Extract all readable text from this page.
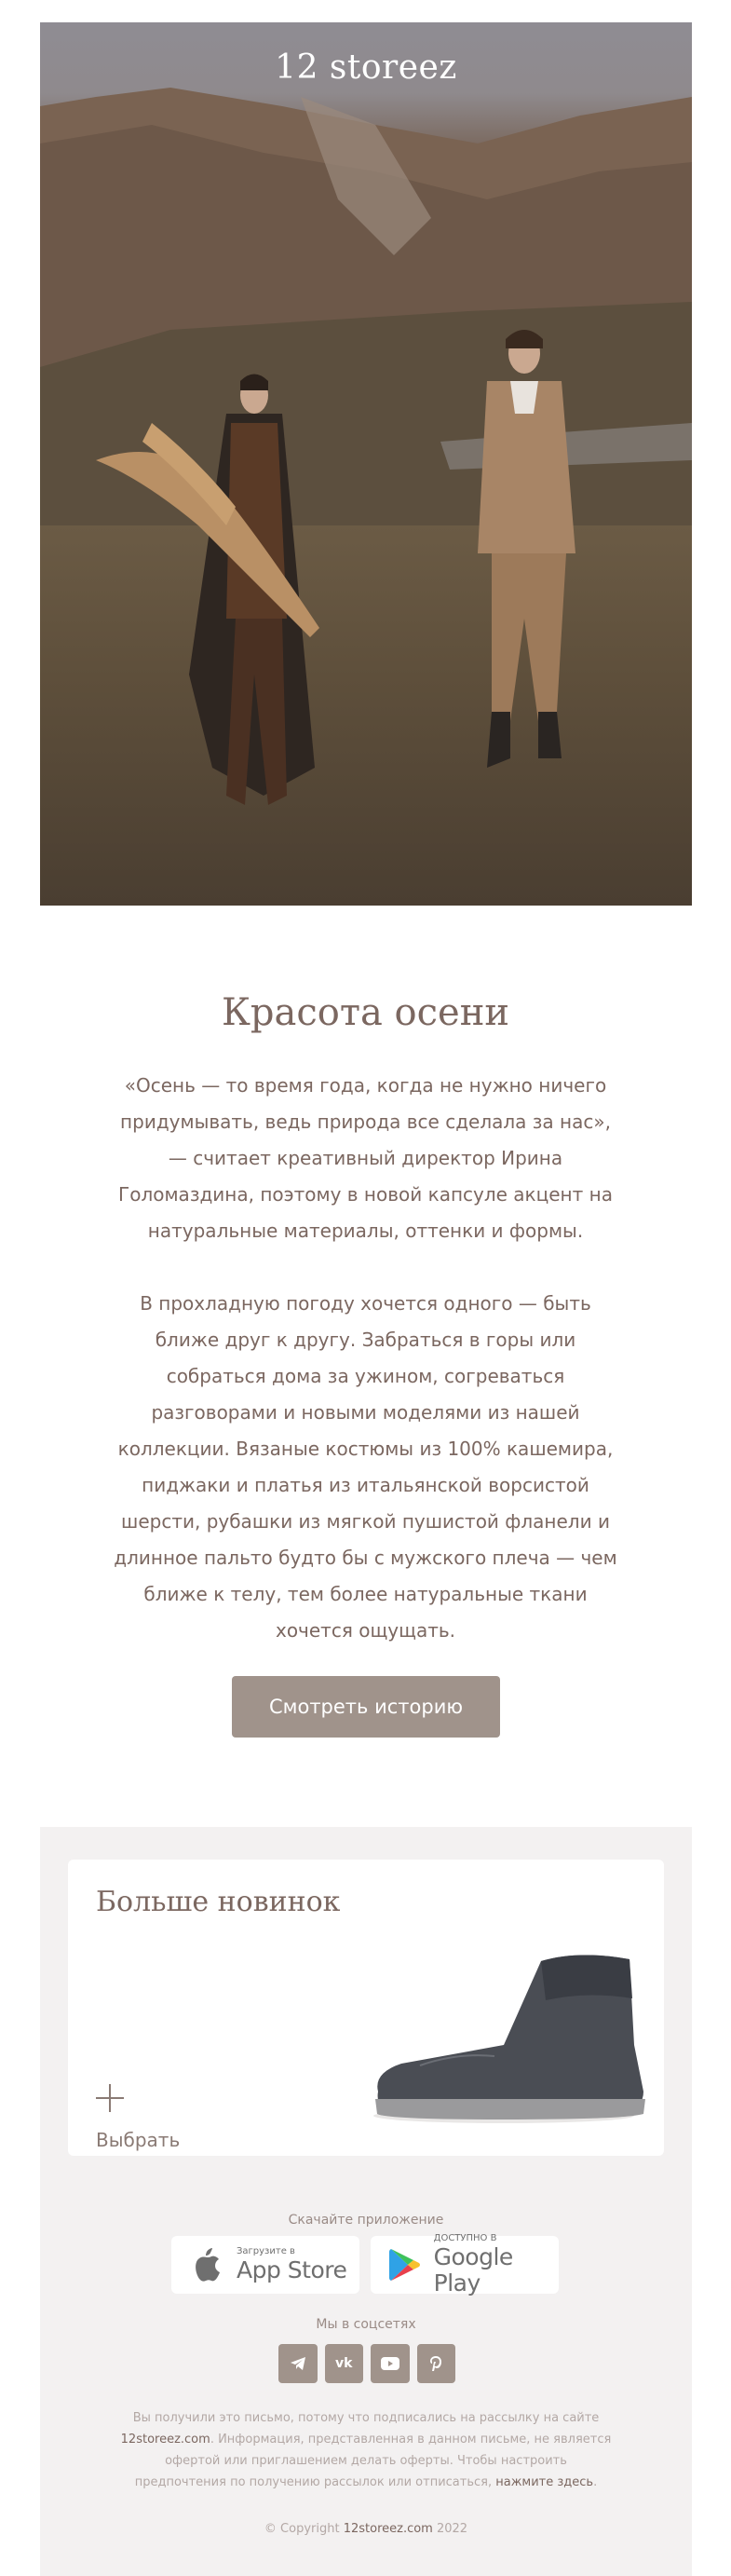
12 storeez
Красота осени

«Осень — то время года, когда не нужно ничего придумывать, ведь природа все сделала за нас», — считает креативный директор Ирина Голомаздина, поэтому в новой капсуле акцент на натуральные материалы, оттенки и формы.

В прохладную погоду хочется одного — быть ближе друг к другу. Забраться в горы или собраться дома за ужином, согреваться разговорами и новыми моделями из нашей коллекции. Вязаные костюмы из 100% кашемира, пиджаки и платья из итальянской ворсистой шерсти, рубашки из мягкой пушистой фланели и длинное пальто будто бы с мужского плеча — чем ближе к телу, тем более натуральные ткани хочется ощущать.

Смотреть историю
Больше новинок
Выбрать
Скачайте приложение
Загрузите в
App Store
ДОСТУПНО В
Google Play
Мы в соцсетях
vk

Вы получили это письмо, потому что подписались на рассылку на сайте 12storeez.com. Информация, представленная в данном письме, не является офертой или приглашением делать оферты. Чтобы настроить предпочтения по получению рассылок или отписаться, нажмите здесь.

© Copyright 12storeez.com 2022
